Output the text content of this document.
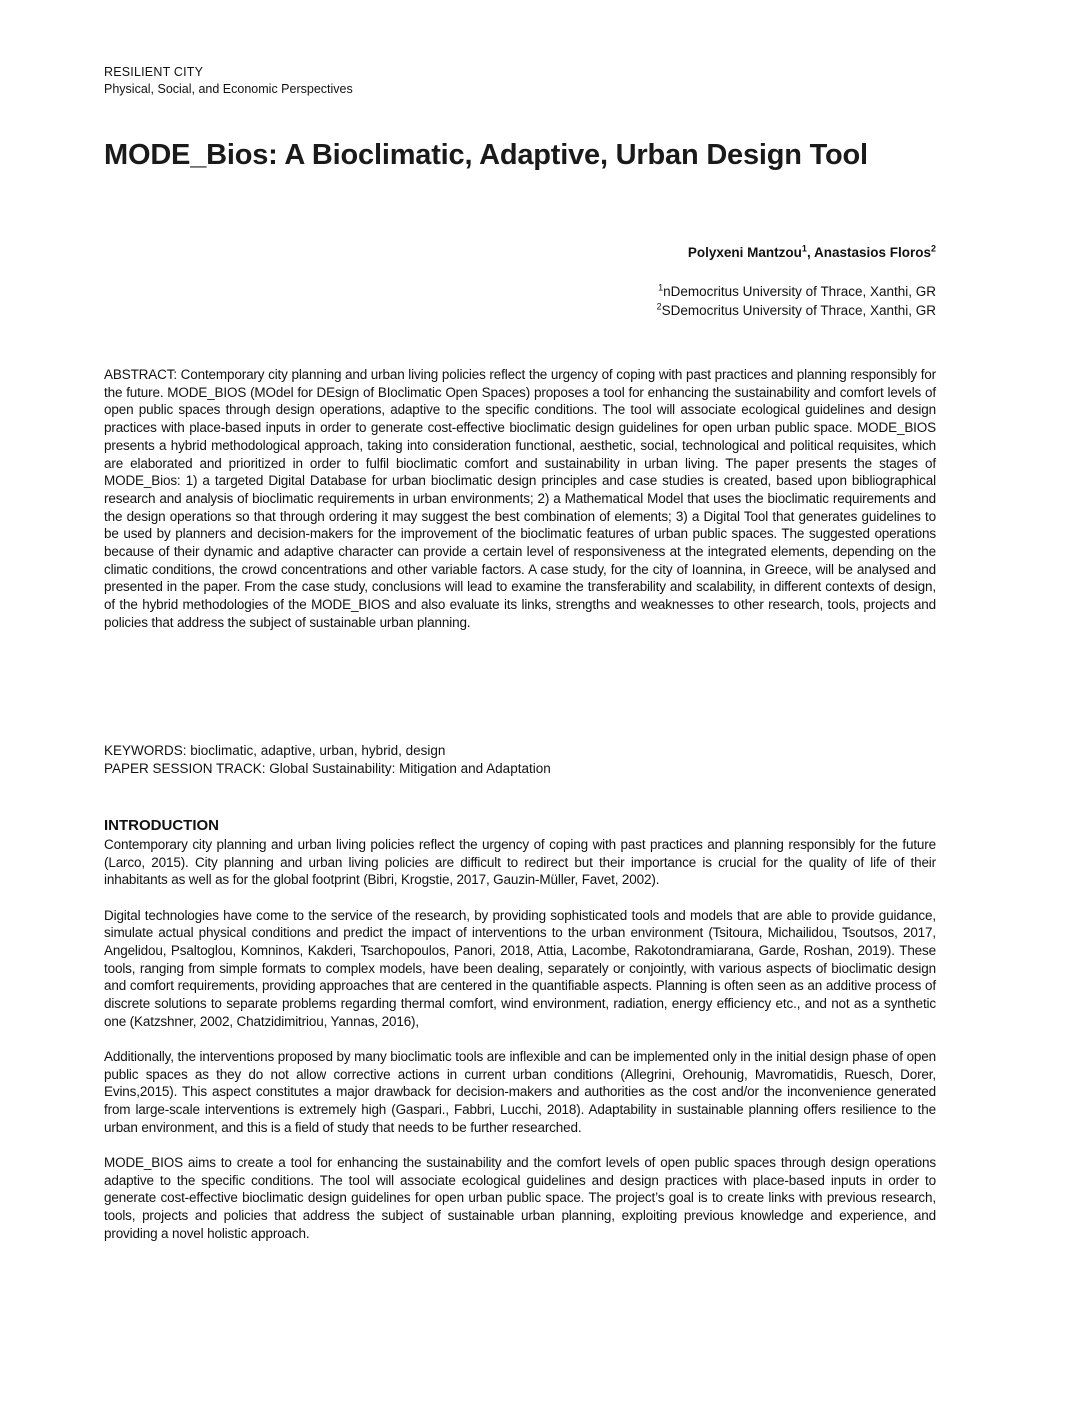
RESILIENT CITY
Physical, Social, and Economic Perspectives
MODE_Bios: A Bioclimatic, Adaptive, Urban Design Tool
Polyxeni Mantzou$^1$, Anastasios Floros$^2$
$^1$nDemocritus University of Thrace, Xanthi, GR
$^2$SDemocritus University of Thrace, Xanthi, GR

ABSTRACT: Contemporary city planning and urban living policies reflect the urgency of coping with past practices and planning responsibly for the future. MODE_BIOS (MOdel for DEsign of BIoclimatic Open Spaces) proposes a tool for enhancing the sustainability and comfort levels of open public spaces through design operations, adaptive to the specific conditions. The tool will associate ecological guidelines and design practices with place-based inputs in order to generate cost-effective bioclimatic design guidelines for open urban public space. MODE_BIOS presents a hybrid methodological approach, taking into consideration functional, aesthetic, social, technological and political requisites, which are elaborated and prioritized in order to fulfil bioclimatic comfort and sustainability in urban living. The paper presents the stages of MODE_Bios: 1) a targeted Digital Database for urban bioclimatic design principles and case studies is created, based upon bibliographical research and analysis of bioclimatic requirements in urban environments; 2) a Mathematical Model that uses the bioclimatic requirements and the design operations so that through ordering it may suggest the best combination of elements; 3) a Digital Tool that generates guidelines to be used by planners and decision-makers for the improvement of the bioclimatic features of urban public spaces. The suggested operations because of their dynamic and adaptive character can provide a certain level of responsiveness at the integrated elements, depending on the climatic conditions, the crowd concentrations and other variable factors. A case study, for the city of Ioannina, in Greece, will be analysed and presented in the paper. From the case study, conclusions will lead to examine the transferability and scalability, in different contexts of design, of the hybrid methodologies of the MODE_BIOS and also evaluate its links, strengths and weaknesses to other research, tools, projects and policies that address the subject of sustainable urban planning.

KEYWORDS: bioclimatic, adaptive, urban, hybrid, design
PAPER SESSION TRACK: Global Sustainability: Mitigation and Adaptation
INTRODUCTION

Contemporary city planning and urban living policies reflect the urgency of coping with past practices and planning responsibly for the future (Larco, 2015). City planning and urban living policies are difficult to redirect but their importance is crucial for the quality of life of their inhabitants as well as for the global footprint (Bibri, Krogstie, 2017, Gauzin-Müller, Favet, 2002).

Digital technologies have come to the service of the research, by providing sophisticated tools and models that are able to provide guidance, simulate actual physical conditions and predict the impact of interventions to the urban environment (Tsitoura, Michailidou, Tsoutsos, 2017, Angelidou, Psaltoglou, Komninos, Kakderi, Tsarchopoulos, Panori, 2018, Attia, Lacombe, Rakotondramiarana, Garde, Roshan, 2019). These tools, ranging from simple formats to complex models, have been dealing, separately or conjointly, with various aspects of bioclimatic design and comfort requirements, providing approaches that are centered in the quantifiable aspects. Planning is often seen as an additive process of discrete solutions to separate problems regarding thermal comfort, wind environment, radiation, energy efficiency etc., and not as a synthetic one (Katzshner, 2002, Chatzidimitriou, Yannas, 2016),

Additionally, the interventions proposed by many bioclimatic tools are inflexible and can be implemented only in the initial design phase of open public spaces as they do not allow corrective actions in current urban conditions (Allegrini, Orehounig, Mavromatidis, Ruesch, Dorer, Evins,2015). This aspect constitutes a major drawback for decision-makers and authorities as the cost and/or the inconvenience generated from large-scale interventions is extremely high (Gaspari., Fabbri, Lucchi, 2018). Adaptability in sustainable planning offers resilience to the urban environment, and this is a field of study that needs to be further researched.

MODE_BIOS aims to create a tool for enhancing the sustainability and the comfort levels of open public spaces through design operations adaptive to the specific conditions. The tool will associate ecological guidelines and design practices with place-based inputs in order to generate cost-effective bioclimatic design guidelines for open urban public space. The project’s goal is to create links with previous research, tools, projects and policies that address the subject of sustainable urban planning, exploiting previous knowledge and experience, and providing a novel holistic approach.
